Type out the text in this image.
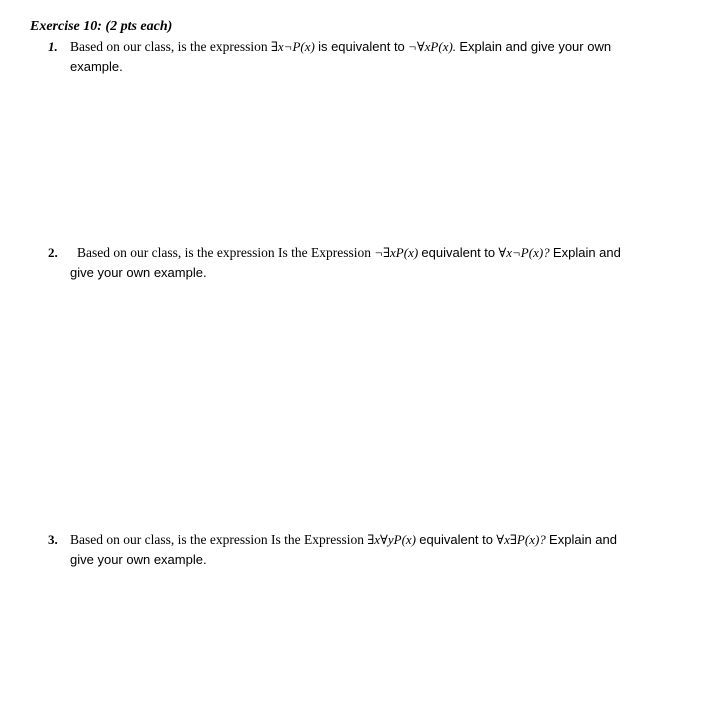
Exercise 10: (2 pts each)
1. Based on our class, is the expression ∃x¬P(x) is equivalent to ¬∀xP(x). Explain and give your own
example.
2. Based on our class, is the expression Is the Expression ¬∃xP(x) equivalent to ∀x¬P(x)? Explain and
give your own example.
3. Based on our class, is the expression Is the Expression ∃x∀yP(x) equivalent to ∀x∃P(x)? Explain and
give your own example.
